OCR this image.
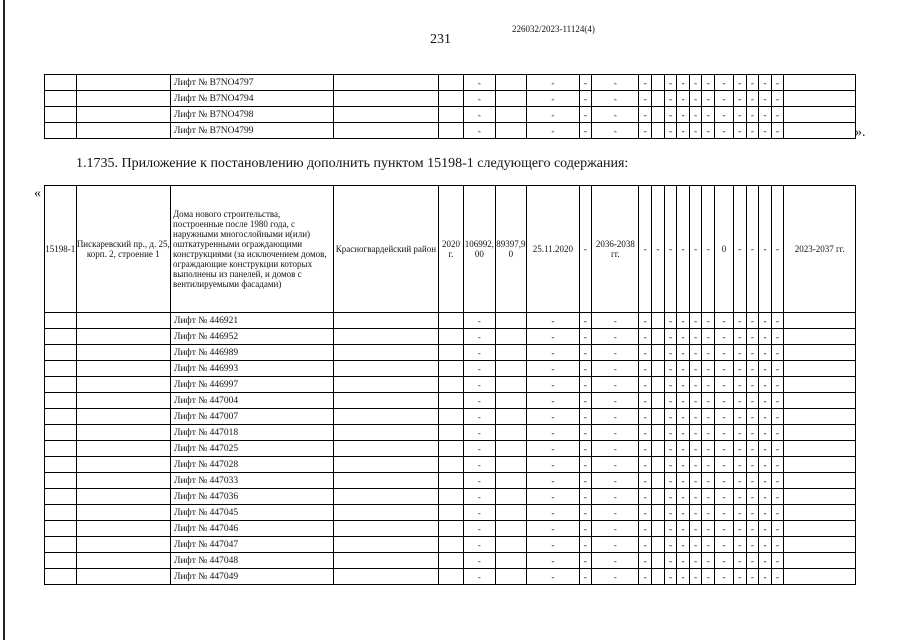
226032/2023-11124(4)
231
		Лифт № B7NO4797			-		-	-	-	-		-	-	-	-	-	-	-	-	-	
		Лифт № B7NO4794			-		-	-	-	-		-	-	-	-	-	-	-	-	-	
		Лифт № B7NO4798			-		-	-	-	-		-	-	-	-	-	-	-	-	-	
		Лифт № B7NO4799			-		-	-	-	-		-	-	-	-	-	-	-	-	-		».
1.1735. Приложение к постановлению дополнить пунктом 15198-1 следующего содержания:
«
15198-1	Пискаревский пр., д. 25, корп. 2, строение 1	Дома нового строительства, построенные после 1980 года, с наружными многослойными и(или) ошткатуренными ограждающими конструкциями (за исключением домов, ограждающие конструкции которых выполнены из панелей, и домов с вентилируемыми фасадами)	Красногвардейский район	2020 г.	106992,00	89397,90	25.11.2020	-	2036-2038 гг.	-	-	-	-	-	-	0	-	-	-	-	2023-2037 гг.
		Лифт № 446921			-		-	-	-	-		-	-	-	-	-	-	-	-	-	
		Лифт № 446952			-		-	-	-	-		-	-	-	-	-	-	-	-	-	
		Лифт № 446989			-		-	-	-	-		-	-	-	-	-	-	-	-	-	
		Лифт № 446993			-		-	-	-	-		-	-	-	-	-	-	-	-	-	
		Лифт № 446997			-		-	-	-	-		-	-	-	-	-	-	-	-	-	
		Лифт № 447004			-		-	-	-	-		-	-	-	-	-	-	-	-	-	
		Лифт № 447007			-		-	-	-	-		-	-	-	-	-	-	-	-	-	
		Лифт № 447018			-		-	-	-	-		-	-	-	-	-	-	-	-	-	
		Лифт № 447025			-		-	-	-	-		-	-	-	-	-	-	-	-	-	
		Лифт № 447028			-		-	-	-	-		-	-	-	-	-	-	-	-	-	
		Лифт № 447033			-		-	-	-	-		-	-	-	-	-	-	-	-	-	
		Лифт № 447036			-		-	-	-	-		-	-	-	-	-	-	-	-	-	
		Лифт № 447045			-		-	-	-	-		-	-	-	-	-	-	-	-	-	
		Лифт № 447046			-		-	-	-	-		-	-	-	-	-	-	-	-	-	
		Лифт № 447047			-		-	-	-	-		-	-	-	-	-	-	-	-	-	
		Лифт № 447048			-		-	-	-	-		-	-	-	-	-	-	-	-	-	
		Лифт № 447049			-		-	-	-	-		-	-	-	-	-	-	-	-	-	
